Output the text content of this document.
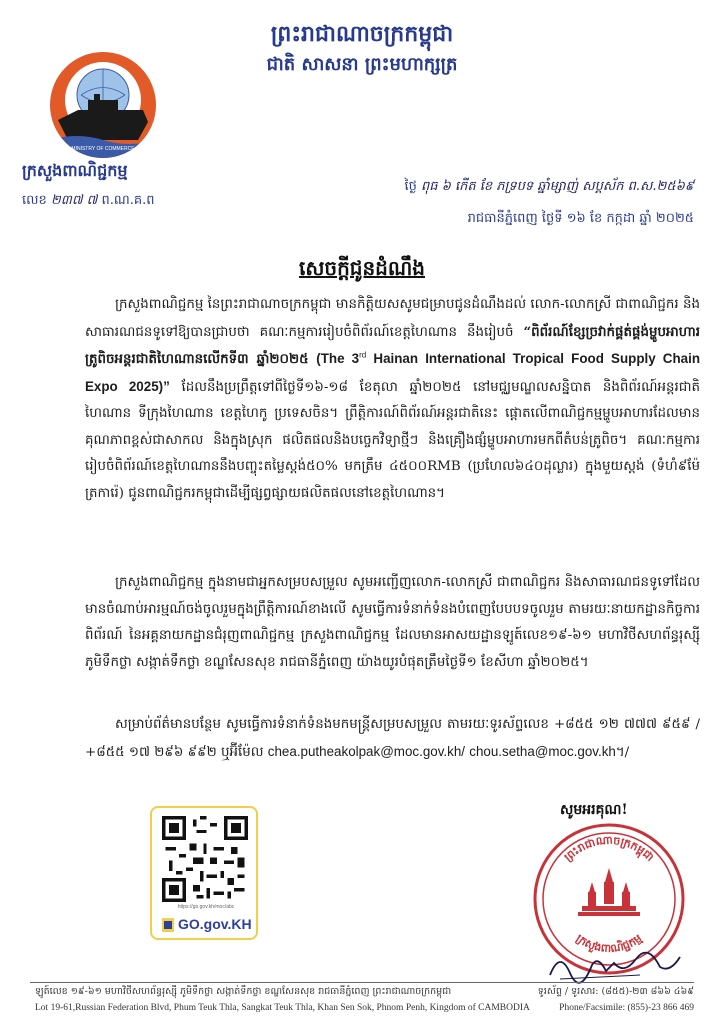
ព្រះរាជាណាចក្រកម្ពុជា
ជាតិ សាសនា ព្រះមហាក្សត្រ
MINISTRY OF COMMERCE
ក្រសួងពាណិជ្ជកម្ម
លេខ ២៣៧ ៧ ព.ណ.គ.ព
ថ្ងៃ ពុធ ៦ កើត ខែ ភទ្របទ ឆ្នាំម្សាញ់ សប្តស័ក ព.ស.២៥៦៩
រាជធានីភ្នំពេញ ថ្ងៃទី ១៦ ខែ កក្កដា ឆ្នាំ ២០២៥
សេចក្តីជូនដំណឹង
ក្រសួងពាណិជ្ជកម្ម នៃព្រះរាជាណាចក្រកម្ពុជា មានកិត្តិយសសូមជម្រាបជូនដំណឹងដល់ លោក-លោកស្រី ជាពាណិជ្ជករ និងសាធារណជនទូទៅឱ្យបានជ្រាបថា គណៈកម្មការរៀបចំពិព័រណ៍ខេត្តហៃណាន នឹងរៀបចំ “ពិព័រណ៍ខ្សែច្រវាក់ផ្គត់ផ្គង់ម្ហូបអាហារត្រូពិចអន្តរជាតិហៃណានលើកទី៣ ឆ្នាំ២០២៥ (The 3rd Hainan International Tropical Food Supply Chain Expo 2025)” ដែលនឹងប្រព្រឹត្តទៅពីថ្ងៃទី១៦-១៨ ខែតុលា ឆ្នាំ២០២៥ នៅមជ្ឈមណ្ឌលសន្និបាត និងពិព័រណ៍អន្តរជាតិហៃណាន ទីក្រុងហៃណាន ខេត្តហៃកូ ប្រទេសចិន។ ព្រឹត្តិការណ៍ពិព័រណ៍អន្តរជាតិនេះ ផ្តោតលើពាណិជ្ជកម្មម្ហូបអាហារដែលមានគុណភាពខ្ពស់ជាសាកល និងក្នុងស្រុក ផលិតផលនិងបច្ចេកវិទ្យាថ្មីៗ និងគ្រឿងផ្សំម្ហូបអាហារមកពីតំបន់ត្រូពិច។ គណៈកម្មការរៀបចំពិព័រណ៍ខេត្តហៃណាននឹងបញ្ចុះតម្លៃស្តង់៥០% មកត្រឹម ៤៥០០RMB (ប្រហែល៦៤០ដុល្លារ) ក្នុងមួយស្តង់ (ទំហំ៩ម៉ែត្រការ៉េ) ជូនពាណិជ្ជករកម្ពុជាដើម្បីផ្សព្វផ្សាយផលិតផលនៅខេត្តហៃណាន។
ក្រសួងពាណិជ្ជកម្ម ក្នុងនាមជាអ្នកសម្របសម្រួល សូមអញ្ជើញលោក-លោកស្រី ជាពាណិជ្ជករ និងសាធារណជនទូទៅដែលមានចំណាប់អារម្មណ៍ចង់ចូលរួមក្នុងព្រឹត្តិការណ៍ខាងលើ សូមធ្វើការទំនាក់ទំនងបំពេញបែបបទចូលរួម តាមរយៈនាយកដ្ឋានកិច្ចការពិព័រណ៍ នៃអគ្គនាយកដ្ឋានជំរុញពាណិជ្ជកម្ម ក្រសួងពាណិជ្ជកម្ម ដែលមានអាសយដ្ឋានឡូត៍លេខ១៩-៦១ មហាវិថីសហព័ន្ធរុស្ស៊ី ភូមិទឹកថ្លា សង្កាត់ទឹកថ្លា ខណ្ឌសែនសុខ រាជធានីភ្នំពេញ យ៉ាងយូរបំផុតត្រឹមថ្ងៃទី១ ខែសីហា ឆ្នាំ២០២៥។
សម្រាប់ព័ត៌មានបន្ថែម សូមធ្វើការទំនាក់ទំនងមកមន្ត្រីសម្របសម្រួល តាមរយៈទូរស័ព្ទលេខ +៨៥៥ ១២ ៧៧៧ ៩៥៩ / +៨៥៥ ១៧ ២៩៦ ៩៩២ ឬអ៊ីម៉ែល chea.putheakolpak@moc.gov.kh/ chou.setha@moc.gov.kh។/
https://go.gov.kh/moc/abc
GO.gov.KH
សូមអរគុណ!
ព្រះរាជាណាចក្រកម្ពុជា
ក្រសួងពាណិជ្ជកម្ម
ឡូត៍លេខ ១៩-៦១ មហាវិថីសហព័ន្ធរុស្ស៊ី ភូមិទឹកថ្លា សង្កាត់ទឹកថ្លា ខណ្ឌសែនសុខ រាជធានីភ្នំពេញ ព្រះរាជាណាចក្រកម្ពុជា	ទូរស័ព្ទ / ទូរសារ: (៨៥៥)-២៣ ៨៦៦ ៤៦៩
Lot 19-61,Russian Federation Blvd, Phum Teuk Thla, Sangkat Teuk Thla, Khan Sen Sok, Phnom Penh, Kingdom of CAMBODIA	Phone/Facsimile: (855)-23 866 469
